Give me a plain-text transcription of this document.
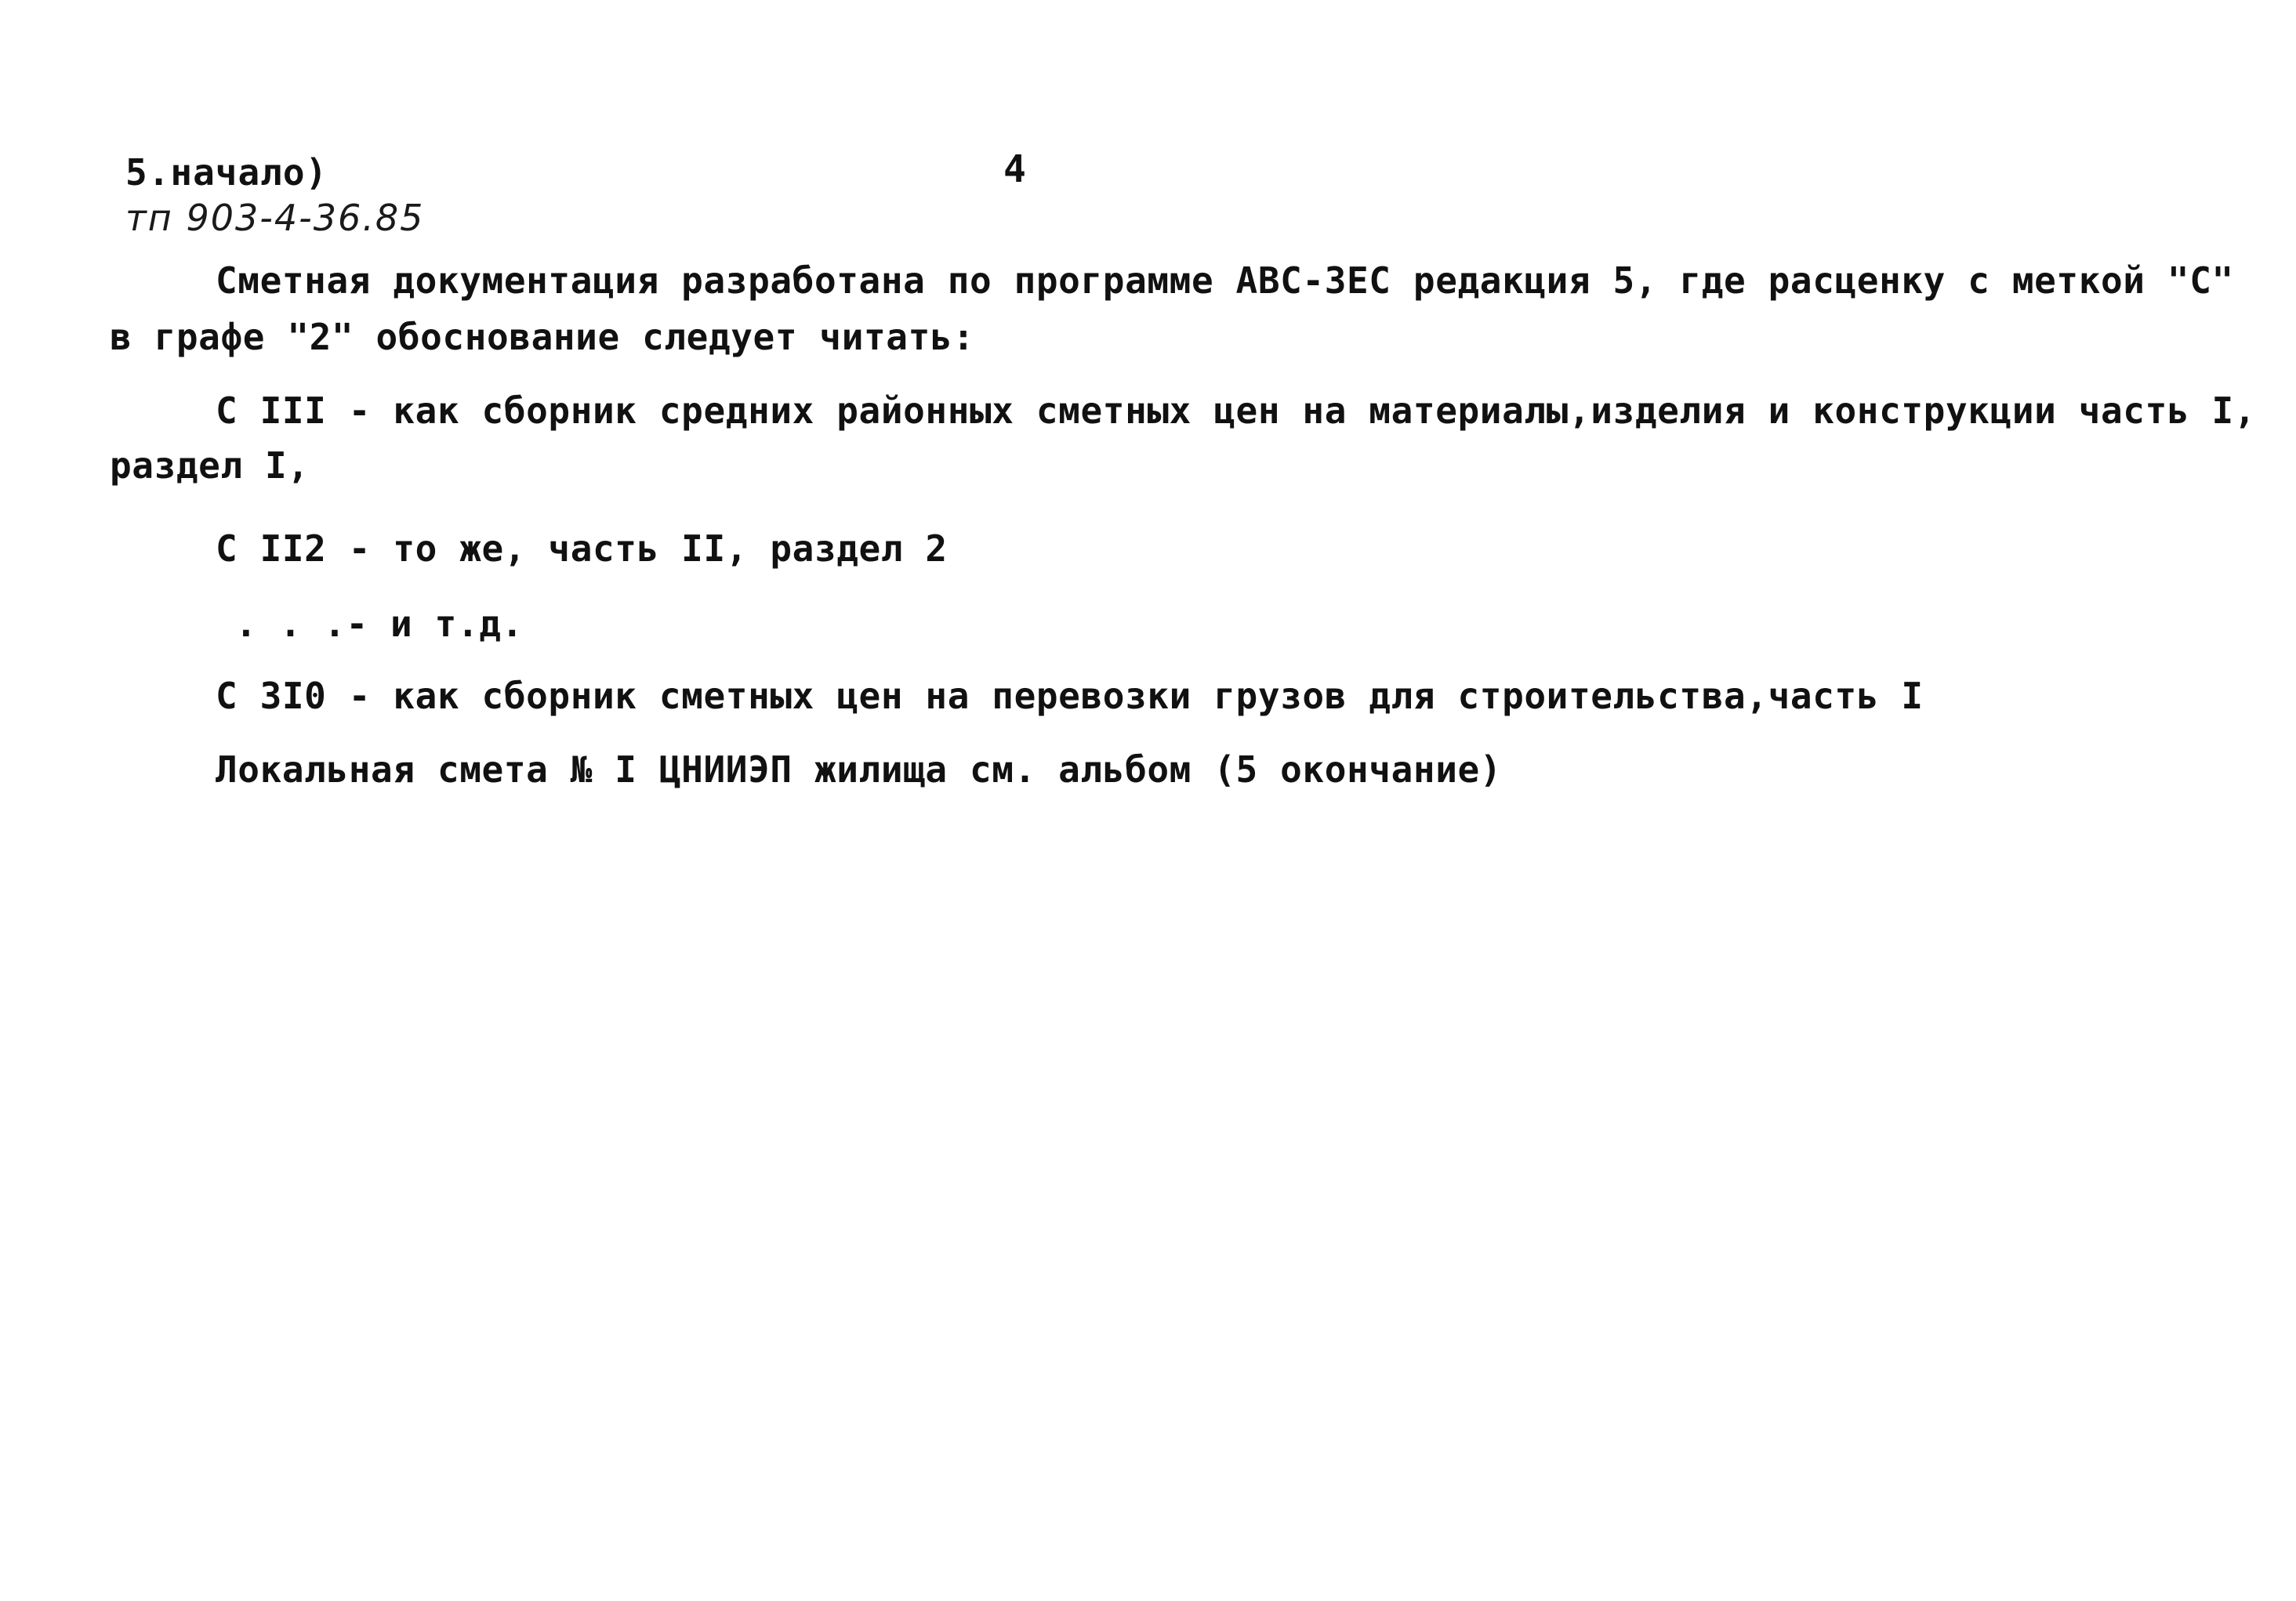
5.начало)
тп 903-4-36.85
4
Сметная документация разработана по программе АВС-ЗЕС редакция 5, где расценку с меткой "С"
в графе "2" обоснование следует читать:
С III - как сборник средних районных сметных цен на материалы,изделия и конструкции часть I,
раздел I,
С II2 - то же, часть II, раздел 2
. . .- и т.д.
С 3I0 - как сборник сметных цен на перевозки грузов для строительства,часть I
Локальная смета № I ЦНИИЭП жилища см. альбом (5 окончание)
